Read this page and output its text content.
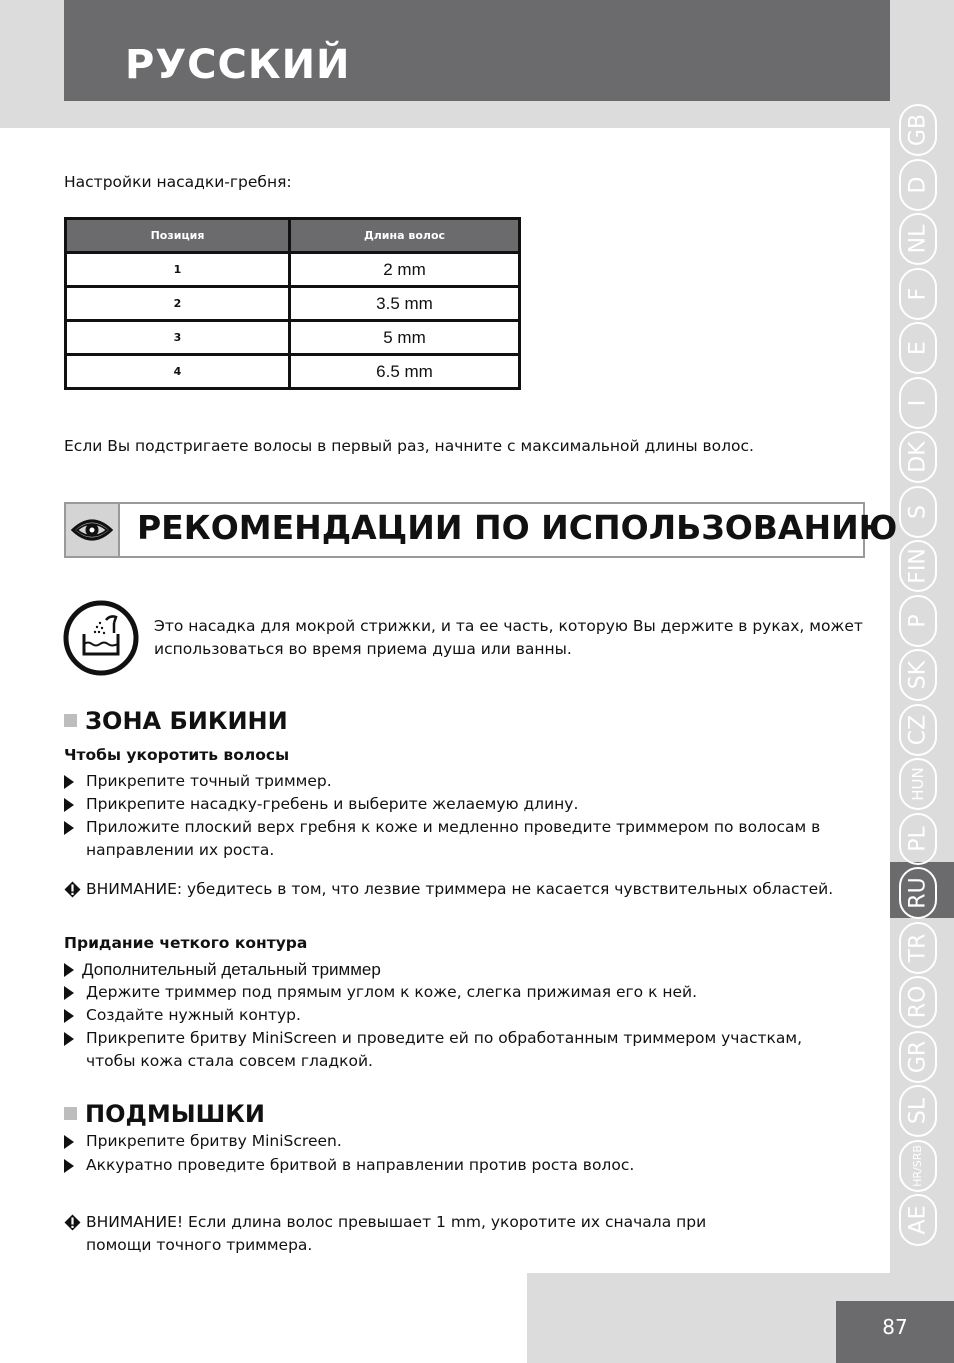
РУССКИЙ
Настройки насадки-гребня:
Позиция	Длина волос
1	2 mm
2	3.5 mm
3	5 mm
4	6.5 mm
Если Вы подстригаете волосы в первый раз, начните с максимальной длины волос.
РЕКОМЕНДАЦИИ ПО ИСПОЛЬЗОВАНИЮ
Это насадка для мокрой стрижки, и та ее часть, которую Вы держите в руках, может
использоваться во время приема душа или ванны.
ЗОНА БИКИНИ
Чтобы укоротить волосы
Прикрепите точный триммер.
Прикрепите насадку-гребень и выберите желаемую длину.
Приложите плоский верх гребня к коже и медленно проведите триммером по волосам в
направлении их роста.
ВНИМАНИЕ: убедитесь в том, что лезвие триммера не касается чувствительных областей.
Придание четкого контура
Дополнительный детальный триммер
Держите триммер под прямым углом к коже, слегка прижимая его к ней.
Создайте нужный контур.
Прикрепите бритву MiniScreen и проведите ей по обработанным триммером участкам,
чтобы кожа стала совсем гладкой.
ПОДМЫШКИ
Прикрепите бритву MiniScreen.
Аккуратно проведите бритвой в направлении против роста волос.
ВНИМАНИЕ! Если длина волос превышает 1 mm, укоротите их сначала при
помощи точного триммера.
GB
D
NL
F
E
I
DK
S
FIN
P
SK
CZ
HUN
PL
RU
TR
RO
GR
SL
HR/SRB
AE
87
